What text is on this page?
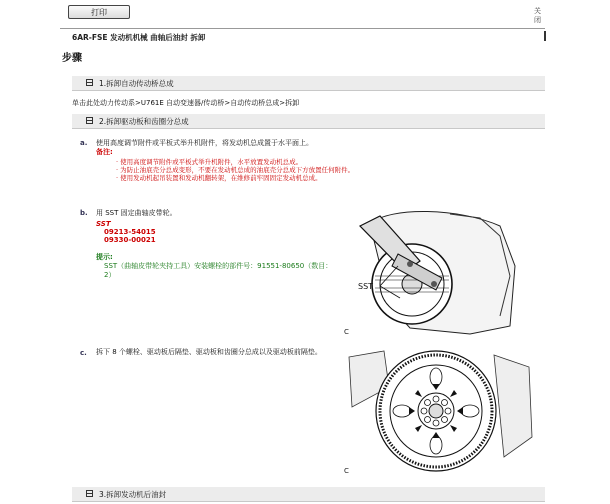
打印	关闭
6AR-FSE 发动机机械 曲轴后油封 拆卸
步骤
1.拆卸自动传动桥总成
单击此处动力传动系>U761E 自动变速器/传动桥>自动传动桥总成>拆卸
2.拆卸驱动板和齿圈分总成
a. 使用高度调节附件或平板式举升机附件，将发动机总成置于水平面上。
备注:
· 使用高度调节附件或平板式举升机附件，水平放置发动机总成。
· 为防止油底壳分总成变形，不要在发动机总成的油底壳分总成下方放置任何附件。
· 使用发动机起吊装置和发动机翻转架，在维修前牢固固定发动机总成。
b. 用 SST 固定曲轴皮带轮。
SST
09213-54015
09330-00021
提示:
SST（曲轴皮带轮夹持工具）安装螺栓的部件号：91551-80650（数目：2）
SST
C
c. 拆下 8 个螺栓、驱动板后隔垫、驱动板和齿圈分总成以及驱动板前隔垫。
C
3.拆卸发动机后油封
